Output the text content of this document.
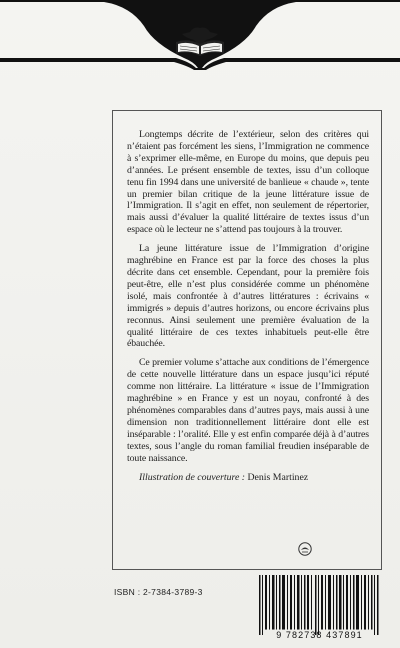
Longtemps décrite de l’extérieur, selon des critères qui n’étaient pas forcément les siens, l’Immigration ne commence à s’exprimer elle-même, en Europe du moins, que depuis peu d’années. Le présent ensemble de textes, issu d’un colloque tenu fin 1994 dans une université de banlieue « chaude », tente un premier bilan critique de la jeune littérature issue de l’Immigration. Il s’agit en effet, non seulement de répertorier, mais aussi d’évaluer la qualité littéraire de textes issus d’un espace où le lecteur ne s’attend pas toujours à la trouver.

La jeune littérature issue de l’Immigration d’origine maghrébine en France est par la force des choses la plus décrite dans cet ensemble. Cependant, pour la première fois peut-être, elle n’est plus considérée comme un phénomène isolé, mais confrontée à d’autres littératures : écrivains « immigrés » depuis d’autres horizons, ou encore écrivains plus reconnus. Ainsi seulement une première évaluation de la qualité littéraire de ces textes inhabituels peut-elle être ébauchée.

Ce premier volume s’attache aux conditions de l’émergence de cette nouvelle littérature dans un espace jusqu’ici réputé comme non littéraire. La littérature « issue de l’Immigration maghrébine » en France y est un noyau, confronté à des phénomènes comparables dans d’autres pays, mais aussi à une dimension non traditionnellement littéraire dont elle est inséparable : l’oralité. Elle y est enfin comparée déjà à d’autres textes, sous l’angle du roman familial freudien inséparable de toute naissance.

Illustration de couverture : Denis Martinez
ISBN : 2-7384-3789-3
9 782738 437891
